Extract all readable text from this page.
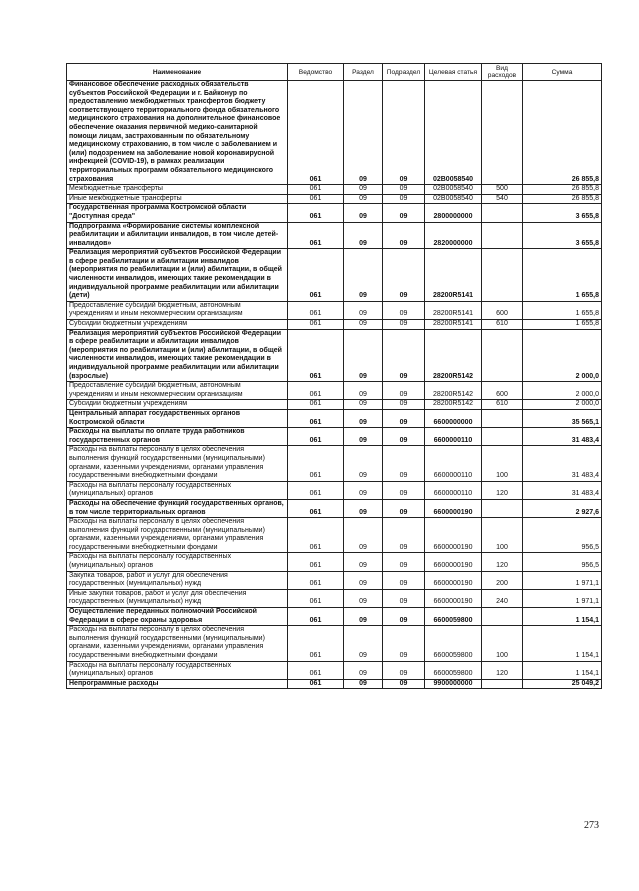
Наименование	Ведомство	Раздел	Подраздел	Целевая статья	Вид расходов	Сумма
Финансовое обеспечение расходных обязательств субъектов Российской Федерации и г. Байконур по предоставлению межбюджетных трансфертов бюджету соответствующего территориального фонда обязательного медицинского страхования на дополнительное финансовое обеспечение оказания первичной медико-санитарной помощи лицам, застрахованным по обязательному медицинскому страхованию, в том числе с заболеванием и (или) подозрением на заболевание новой коронавирусной инфекцией (COVID-19), в рамках реализации территориальных программ обязательного медицинского страхования	061	09	09	02В0058540		26 855,8
Межбюджетные трансферты	061	09	09	02В0058540	500	26 855,8
Иные межбюджетные трансферты	061	09	09	02В0058540	540	26 855,8
Государственная программа Костромской области "Доступная среда"	061	09	09	2800000000		3 655,8
Подпрограмма «Формирование системы комплексной реабилитации и абилитации инвалидов, в том числе детей-инвалидов»	061	09	09	2820000000		3 655,8
Реализация мероприятий субъектов Российской Федерации в сфере реабилитации и абилитации инвалидов (мероприятия по реабилитации и (или) абилитации, в общей численности инвалидов, имеющих такие рекомендации в индивидуальной программе реабилитации или абилитации (дети)	061	09	09	28200R5141		1 655,8
Предоставление субсидий бюджетным, автономным учреждениям и иным некоммерческим организациям	061	09	09	28200R5141	600	1 655,8
Субсидии бюджетным учреждениям	061	09	09	28200R5141	610	1 655,8
Реализация мероприятий субъектов Российской Федерации в сфере реабилитации и абилитации инвалидов (мероприятия по реабилитации и (или) абилитации, в общей численности инвалидов, имеющих такие рекомендации в индивидуальной программе реабилитации или абилитации (взрослые)	061	09	09	28200R5142		2 000,0
Предоставление субсидий бюджетным, автономным учреждениям и иным некоммерческим организациям	061	09	09	28200R5142	600	2 000,0
Субсидии бюджетным учреждениям	061	09	09	28200R5142	610	2 000,0
Центральный аппарат государственных органов Костромской области	061	09	09	6600000000		35 565,1
Расходы на выплаты по оплате труда работников государственных органов	061	09	09	6600000110		31 483,4
Расходы на выплаты персоналу в целях обеспечения выполнения функций государственными (муниципальными) органами, казенными учреждениями, органами управления государственными внебюджетными фондами	061	09	09	6600000110	100	31 483,4
Расходы на выплаты персоналу государственных (муниципальных) органов	061	09	09	6600000110	120	31 483,4
Расходы на обеспечение функций государственных органов, в том числе территориальных органов	061	09	09	6600000190		2 927,6
Расходы на выплаты персоналу в целях обеспечения выполнения функций государственными (муниципальными) органами, казенными учреждениями, органами управления государственными внебюджетными фондами	061	09	09	6600000190	100	956,5
Расходы на выплаты персоналу государственных (муниципальных) органов	061	09	09	6600000190	120	956,5
Закупка товаров, работ и услуг для обеспечения государственных (муниципальных) нужд	061	09	09	6600000190	200	1 971,1
Иные закупки товаров, работ и услуг для обеспечения государственных (муниципальных) нужд	061	09	09	6600000190	240	1 971,1
Осуществление переданных полномочий Российской Федерации в сфере охраны здоровья	061	09	09	6600059800		1 154,1
Расходы на выплаты персоналу в целях обеспечения выполнения функций государственными (муниципальными) органами, казенными учреждениями, органами управления государственными внебюджетными фондами	061	09	09	6600059800	100	1 154,1
Расходы на выплаты персоналу государственных (муниципальных) органов	061	09	09	6600059800	120	1 154,1
Непрограммные расходы	061	09	09	9900000000		25 049,2
273
